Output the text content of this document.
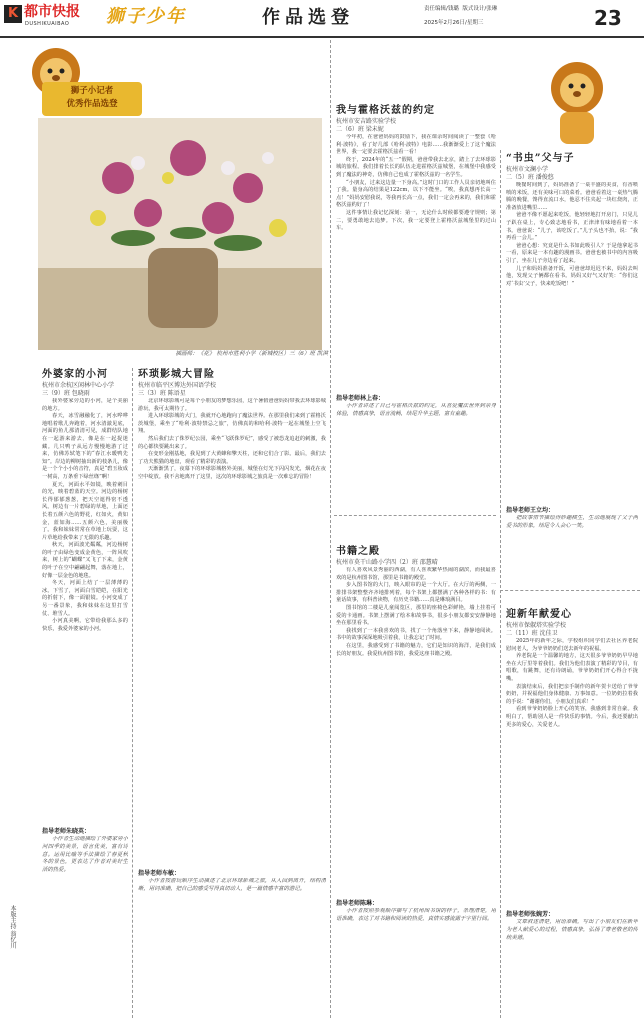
K 都市快报
DUSHIKUAIBAO 狮子少年	作品选登	责任编辑/钱璐 版式设计/张琳
2025年2月26日/星期三	23
狮子小记者
优秀作品选登
插画师：《花》 杭州市胜利小学（新城校区）三（6）班 凯淇
本版主持 翁忆川
外婆家的小河
杭州市余杭区闲林中心小学
三（9）班 包晓雨

我外婆家旁边的小河，是个美丽的地方。

春天，冰雪融融化了，河水哗哗地唱着歌儿奔跑着，河水清澈见底，河面的鱼儿那清清可见，成群结队地在一起游来游去，像是在一起捉迷藏。几只鸭子从远方慢慢地游了过来，仿佛苏轼笔下的“春江水暖鸭先知”。岸边的柳树抽出新的枝条儿，像是一个个小小的音符，真是“碧玉妆成一树高，万条垂下绿丝绦”啊！

夏天，河面水平如镜，映着刺目的光，映着碧蓝的天空。河边的杨树长得郁郁葱葱，把天空遮得密不透风。树边有一片碧绿的草地，上面还长着五颜六色的野花，红如火，黄如金，蓝如海……五颜六色，美丽极了。我和妹妹常常在草地上玩耍，这片草地给我带来了无限的乐趣。

秋天，河面波光粼粼，河边杨树的叶子由绿色变成金黄色，一阵风吹来，树上的“蝴蝶”又飞了下来，金黄的叶子在空中翩翩起舞，落在地上，好像一层金色的地毯。

冬天，河面上结了一层薄薄的冰。下雪了，河面白雪皑皑，在阳光的折射下，像一面银镜。小河变成了另一番景象，我和妹妹在这里打雪仗、堆雪人。

小河真美啊，它带给我那么多的快乐，我爱外婆家的小河。

指导老师朱晓英：
小作者生动地描绘了外婆家旁小河四季的美景，语言优美，富有诗意。运用比喻等手法描绘了春夏秋冬的景色，更表达了作者对美好生活的热爱。
环琐影城大冒险
杭州市临平区博达外国语学校
三（3）班 陈语星

北京环球影城可是每个小朋友的梦想乐园，这个暑假爸爸妈妈带我去环球影城游玩，我可太期待了。

进入环球影城的大门，我就开心地跑向了魔法世界。在那里我们来到了霍格沃茨城堡，乘坐了“哈利·波特禁忌之旅”，仿佛真的和哈利·波特一起在城堡上空飞翔。

然后我们去了侏罗纪公园，乘坐“飞跃侏罗纪”，感受了被恐龙追赶的刺激，我的心都快要跳出来了。

在变形金刚基地，我见到了大黄蜂和擎天柱，还和它们合了影。最后，我们去了功夫熊猫的地盘，观看了精彩的表演。

天渐渐黑了，夜幕下的环球影城格外美丽，城堡在灯光下闪闪发光，烟花在夜空中绽放。我不舍地离开了这里，这次的环球影城之旅真是一次难忘的冒险！

指导老师车敏：
小作者按游玩顺序生动描述了北京环球影城之旅，从入园到离开，结构清晰，用词准确，把自己的感受写得真切动人，是一篇情感丰富的游记。
我与霍格沃兹的约定
杭州市安吉路实验学校
二（6）班 梁未妮

今年初，在爸爸妈妈的鼓励下，我在课余时间阅读了一整套《哈利·波特》，看了好几部《哈利·波特》电影……我渐渐爱上了这个魔法世界，我一定要去霍格沃兹看一看！

终于，2024年的“五一”假期，爸爸带我去北京，踏上了去环球影城的旅程。我们排着长长的队伍走进霍格沃兹城堡，在城堡中我感受到了魔法的神奇，仿佛自己也成了霍格沃兹的一名学生。

“小朋友，过来这边量一下身高。”这时门口的工作人员亲切地叫住了我。量身高的结果是122cm，以下不能坐。“唉，我真想再长高一点！”妈妈安慰我说，等我再长高一点，我们一定会再来的，我们和霍格沃兹约好了！

这件事情让我记忆深刻：第一，无论什么时候都要遵守规则；第二，要勇敢地去追梦。下次，我一定要登上霍格沃兹城堡里的过山车。

指导老师林上春：
小作者讲述了自己与霍格沃兹的约定，从喜爱魔法世界到亲身体验，情感真挚，语言流畅，结尾升华主题，富有童趣。
书籍之殿
杭州市莫干山路小学四（2）班 邵慧晴

有人喜欢风景秀丽的西湖，有人喜欢繁华热闹的湖滨，而我最喜欢的是杭州图书馆，那里是书籍的殿堂。

步入图书馆的大门，映入眼帘的是一个大厅。在大厅的两侧，一排排书架整整齐齐地排列着，每个书架上都摆满了各种各样的书：有童话故事，有科普读物，有历史书籍……真是琳琅满目。

图书馆的二楼是儿童阅览区，那里的座椅色彩鲜艳，墙上挂着可爱的卡通画。书架上摆满了绘本和故事书，很多小朋友都安安静静地坐在那里看书。

我找到了一本我喜欢的书，找了一个角落坐下来，静静地阅读。书中的故事深深地吸引着我，让我忘记了时间。

在这里，我感受到了书籍的魅力，它们是知识的海洋，是我们成长的好朋友。我爱杭州图书馆，我爱这座书籍之殿。

指导老师陈琳：
小作者按照参观顺序描写了杭州图书馆的样子，条理清楚，用语准确，表达了对书籍和阅读的热爱，真情实感流露于字里行间。
“书虫”父与子
杭州市文澜小学
二（5）班 潘俊悠

晚餐时间到了，妈妈准备了一桌丰盛的美食，有香喷喷的米饭，还有美味可口的菜肴。爸爸看着这一桌热气腾腾的晚餐，馋得直流口水，他忍不住夹起一块红烧肉，正准备放进嘴里……

爸爸不像不愿起来吃饭，他轻轻地打开房门，只见儿子趴在桌上，专心致志地看书，正津津有味地看着一本书。爸爸说：“儿子，该吃饭了。”儿子头也不抬，说：“我再看一会儿。”

爸爸心想：究竟是什么书如此吸引人？于是他拿起书一看，原来是一本有趣的漫画书。爸爸也被书中的内容吸引了，坐在儿子旁边看了起来。

儿子和妈妈准备开饭，可爸爸却迟迟不来，妈妈去叫他，发现父子俩都在看书。妈妈又好气又好笑：“你们这对‘书虫’父子，快来吃饭吧！”

指导老师王立均：
把故事情节描绘得妙趣横生，生动地展现了父子两爱书的形象，结尾令人会心一笑。
迎新年献爱心
杭州市保俶塔实验学校
二（11）班 沈佳卫

2025年的新年之际，学校组织同学们去社区养老院慰问老人，为爷爷奶奶们送去新年的祝福。

养老院是一个温馨的地方，这天很多爷爷奶奶早早地坐在大厅里等着我们。我们为他们表演了精彩的节目，有唱歌，有跳舞，还有诗朗诵，爷爷奶奶们开心得合不拢嘴。

表演结束后，我们把亲手制作的新年贺卡送给了爷爷奶奶，并祝福他们身体健康、万事如意。一位奶奶拉着我的手说：“谢谢你们，小朋友们真乖！”

看到爷爷奶奶脸上开心的笑容，我感到非常自豪。我明白了，帮助别人是一件快乐的事情。今后，我还要献出更多的爱心，关爱老人。

指导老师张婉芳：
文章叙述清楚，用语准确，写出了小朋友们在新年为老人献爱心的过程，情感真挚，弘扬了尊老敬老的传统美德。
